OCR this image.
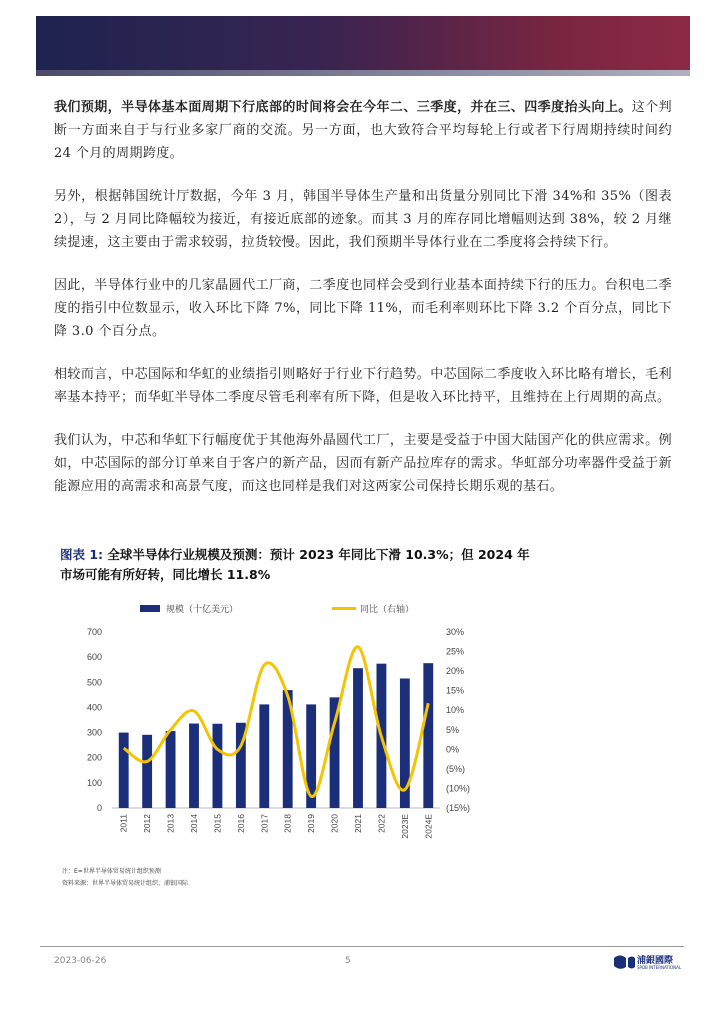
我们预期，半导体基本面周期下行底部的时间将会在今年二、三季度，并在三、四季度抬头向上。这个判断一方面来自于与行业多家厂商的交流。另一方面，也大致符合平均每轮上行或者下行周期持续时间约 24 个月的周期跨度。

另外，根据韩国统计厅数据，今年 3 月，韩国半导体生产量和出货量分别同比下滑 34%和 35%（图表 2），与 2 月同比降幅较为接近，有接近底部的迹象。而其 3 月的库存同比增幅则达到 38%，较 2 月继续提速，这主要由于需求较弱，拉货较慢。因此，我们预期半导体行业在二季度将会持续下行。

因此，半导体行业中的几家晶圆代工厂商，二季度也同样会受到行业基本面持续下行的压力。台积电二季度的指引中位数显示，收入环比下降 7%，同比下降 11%，而毛利率则环比下降 3.2 个百分点，同比下降 3.0 个百分点。

相较而言，中芯国际和华虹的业绩指引则略好于行业下行趋势。中芯国际二季度收入环比略有增长，毛利率基本持平；而华虹半导体二季度尽管毛利率有所下降，但是收入环比持平，且维持在上行周期的高点。

我们认为，中芯和华虹下行幅度优于其他海外晶圆代工厂，主要是受益于中国大陆国产化的供应需求。例如，中芯国际的部分订单来自于客户的新产品，因而有新产品拉库存的需求。华虹部分功率器件受益于新能源应用的高需求和高景气度，而这也同样是我们对这两家公司保持长期乐观的基石。

图表 1: 全球半导体行业规模及预测：预计 2023 年同比下滑 10.3%；但 2024 年市场可能有所好转，同比增长 11.8%
规模（十亿美元）	同比（右轴）
0
100
200
300
400
500
600
700
(15%)
(10%)
(5%)
0%
5%
10%
15%
20%
25%
30%
2011 2012 2013 2014 2015 2016 2017 2018 2019 2020 2021 2022 2023E 2024E
注：E=世界半导体贸易统计组织预测
资料来源：世界半导体贸易统计组织、浦银国际
2023-06-26	5	浦銀國際
SPDB INTERNATIONAL
